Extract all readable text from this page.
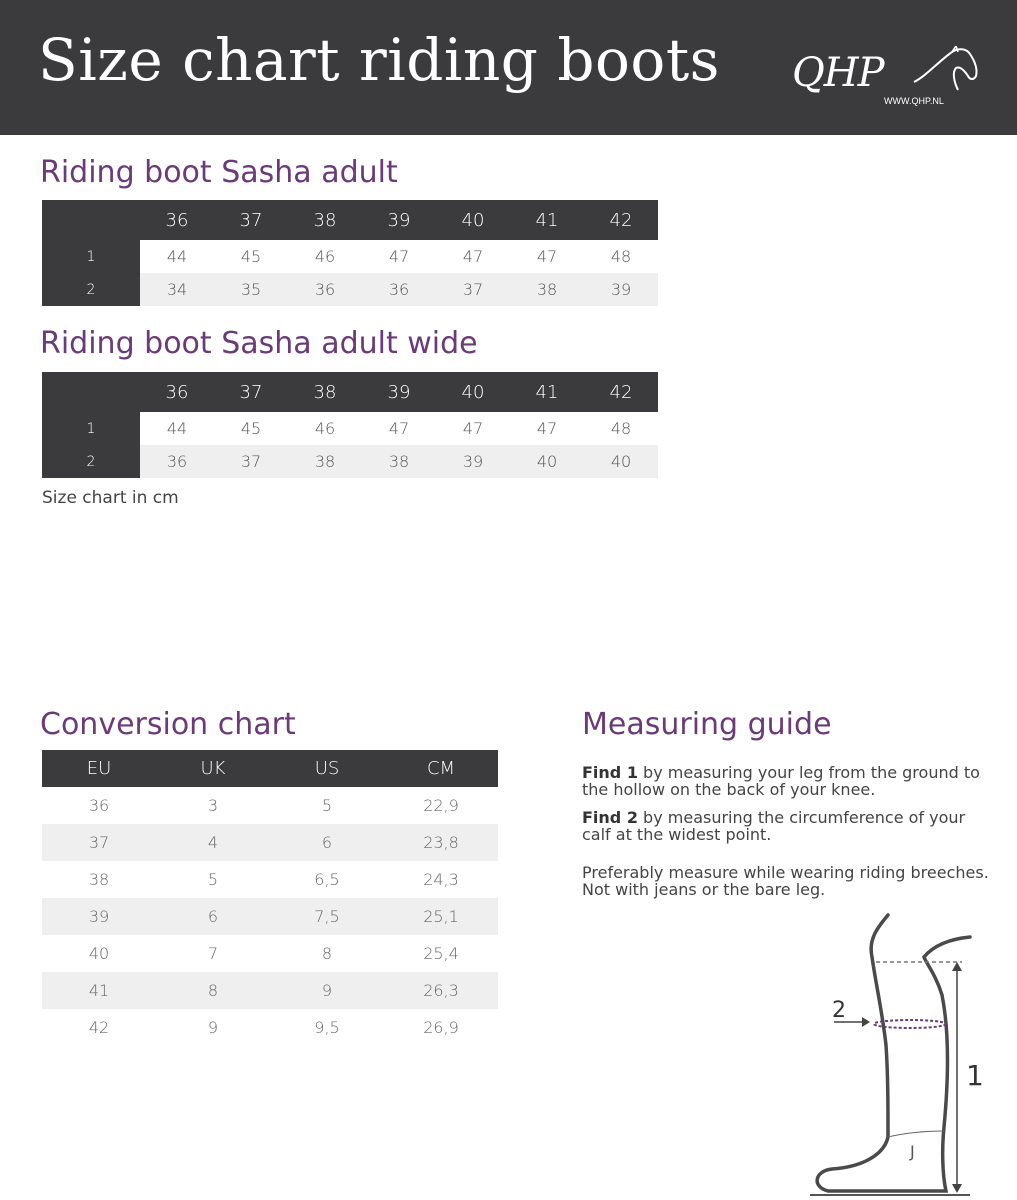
Size chart riding boots QHP
WWW.QHP.NL
Riding boot Sasha adult
	36	37	38	39	40	41	42
1	44	45	46	47	47	47	48
2	34	35	36	36	37	38	39
Riding boot Sasha adult wide
	36	37	38	39	40	41	42
1	44	45	46	47	47	47	48
2	36	37	38	38	39	40	40
Size chart in cm
Conversion chart
EU	UK	US	CM
36	3	5	22,9
37	4	6	23,8
38	5	6,5	24,3
39	6	7,5	25,1
40	7	8	25,4
41	8	9	26,3
42	9	9,5	26,9
Measuring guide
Find 1 by measuring your leg from the ground to the hollow on the back of your knee.
Find 2 by measuring the circumference of your calf at the widest point.
Preferably measure while wearing riding breeches. Not with jeans or the bare leg.
2
1
J
